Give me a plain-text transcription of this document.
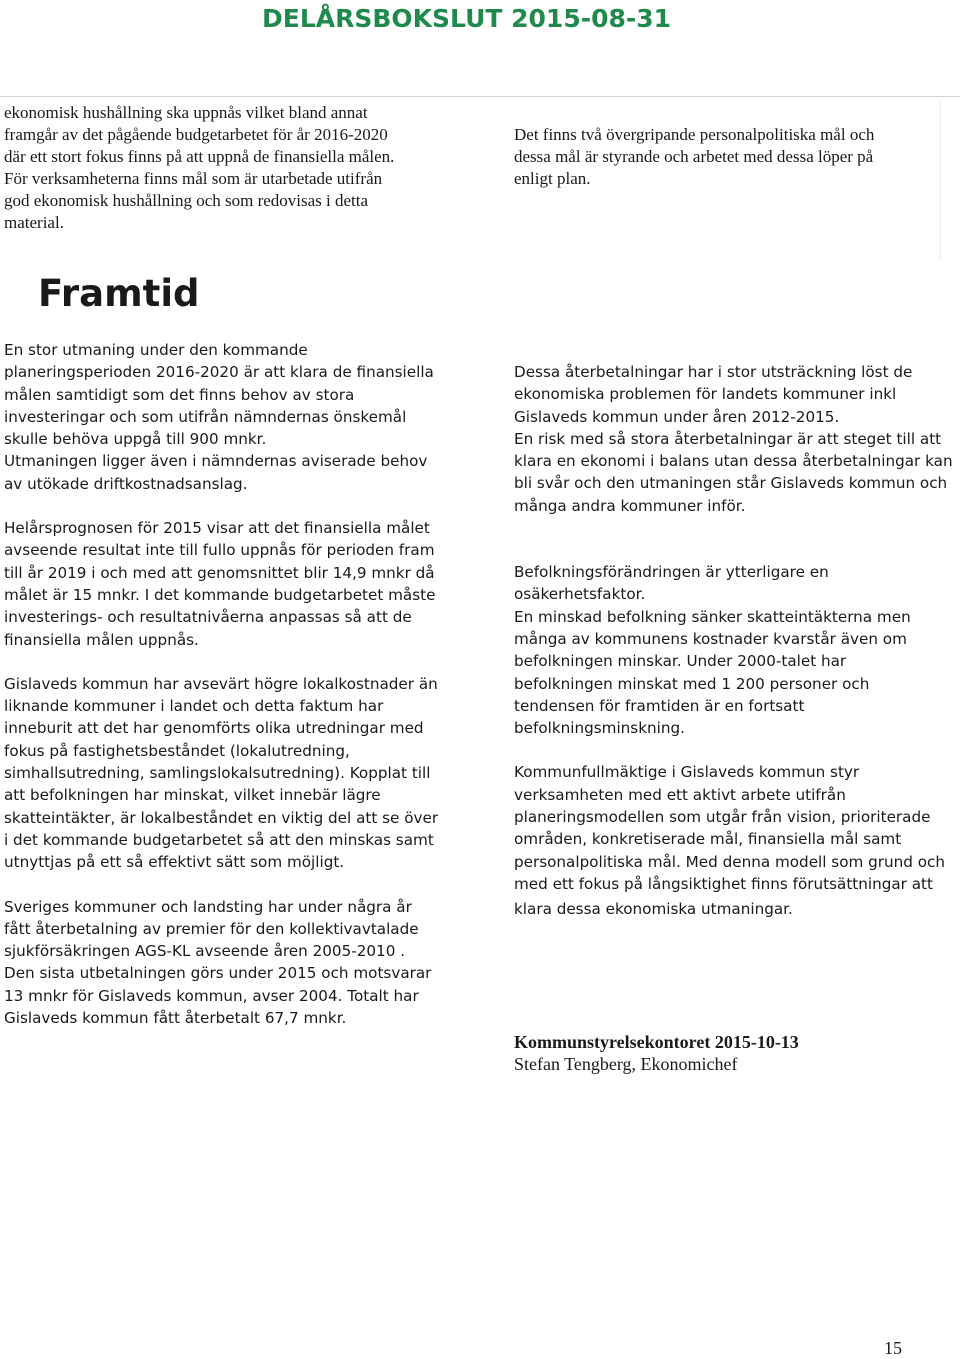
DELÅRSBOKSLUT 2015-08-31
ekonomisk hushållning ska uppnås vilket bland annat
framgår av det pågående budgetarbetet för år 2016-2020
där ett stort fokus finns på att uppnå de finansiella målen.
För verksamheterna finns mål som är utarbetade utifrån
god ekonomisk hushållning och som redovisas i detta
material.
Det finns två övergripande personalpolitiska mål och
dessa mål är styrande och arbetet med dessa löper på
enligt plan.
Framtid
En stor utmaning under den kommande
planeringsperioden 2016-2020 är att klara de finansiella
målen samtidigt som det finns behov av stora
investeringar och som utifrån nämndernas önskemål
skulle behöva uppgå till 900 mnkr.
Utmaningen ligger även i nämndernas aviserade behov
av utökade driftkostnadsanslag.
Helårsprognosen för 2015 visar att det finansiella målet
avseende resultat inte till fullo uppnås för perioden fram
till år 2019 i och med att genomsnittet blir 14,9 mnkr då
målet är 15 mnkr. I det kommande budgetarbetet måste
investerings- och resultatnivåerna anpassas så att de
finansiella målen uppnås.
Gislaveds kommun har avsevärt högre lokalkostnader än
liknande kommuner i landet och detta faktum har
inneburit att det har genomförts olika utredningar med
fokus på fastighetsbeståndet (lokalutredning,
simhallsutredning, samlingslokalsutredning). Kopplat till
att befolkningen har minskat, vilket innebär lägre
skatteintäkter, är lokalbeståndet en viktig del att se över
i det kommande budgetarbetet så att den minskas samt
utnyttjas på ett så effektivt sätt som möjligt.
Sveriges kommuner och landsting har under några år
fått återbetalning av premier för den kollektivavtalade
sjukförsäkringen AGS-KL avseende åren 2005-2010 .
Den sista utbetalningen görs under 2015 och motsvarar
13 mnkr för Gislaveds kommun, avser 2004. Totalt har
Gislaveds kommun fått återbetalt 67,7 mnkr.
Dessa återbetalningar har i stor utsträckning löst de
ekonomiska problemen för landets kommuner inkl
Gislaveds kommun under åren 2012-2015.
En risk med så stora återbetalningar är att steget till att
klara en ekonomi i balans utan dessa återbetalningar kan
bli svår och den utmaningen står Gislaveds kommun och
många andra kommuner inför.
Befolkningsförändringen är ytterligare en
osäkerhetsfaktor.
En minskad befolkning sänker skatteintäkterna men
många av kommunens kostnader kvarstår även om
befolkningen minskar. Under 2000-talet har
befolkningen minskat med 1 200 personer och
tendensen för framtiden är en fortsatt
befolkningsminskning.
Kommunfullmäktige i Gislaveds kommun styr
verksamheten med ett aktivt arbete utifrån
planeringsmodellen som utgår från vision, prioriterade
områden, konkretiserade mål, finansiella mål samt
personalpolitiska mål. Med denna modell som grund och
med ett fokus på långsiktighet finns förutsättningar att
klara dessa ekonomiska utmaningar.
Kommunstyrelsekontoret 2015-10-13
Stefan Tengberg, Ekonomichef
15
